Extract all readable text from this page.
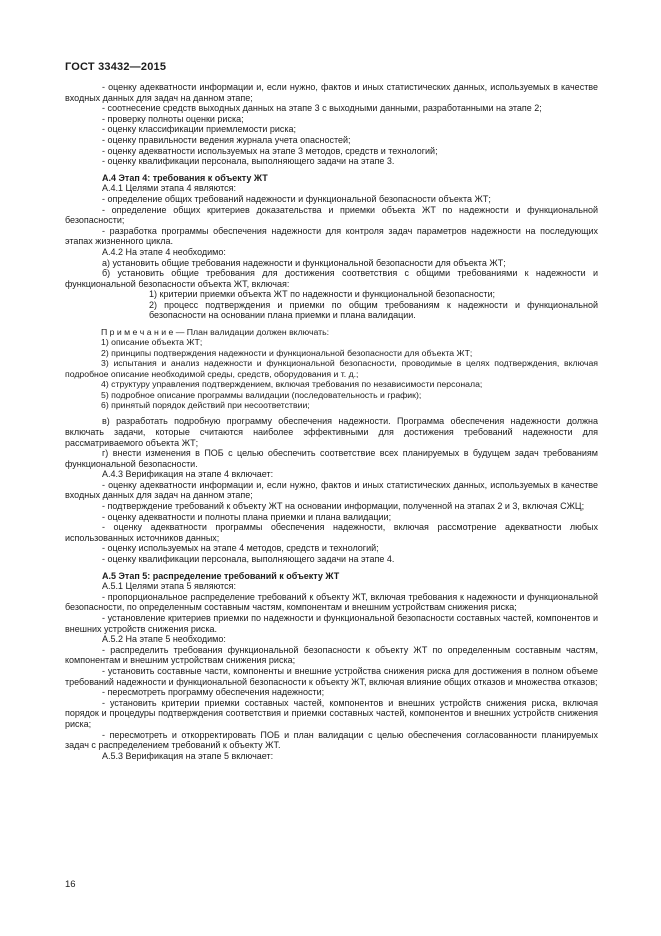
ГОСТ 33432—2015

- оценку адекватности информации и, если нужно, фактов и иных статистических данных, используемых в качестве входных данных для задач на данном этапе;

- соотнесение средств выходных данных на этапе 3 с выходными данными, разработанными на этапе 2;

- проверку полноты оценки риска;

- оценку классификации приемлемости риска;

- оценку правильности ведения журнала учета опасностей;

- оценку адекватности используемых на этапе 3 методов, средств и технологий;

- оценку квалификации персонала, выполняющего задачи на этапе 3.

А.4 Этап 4: требования к объекту ЖТ

А.4.1 Целями этапа 4 являются:

- определение общих требований надежности и функциональной безопасности объекта ЖТ;

- определение общих критериев доказательства и приемки объекта ЖТ по надежности и функциональной безопасности;

- разработка программы обеспечения надежности для контроля задач параметров надежности на последующих этапах жизненного цикла.

А.4.2 На этапе 4 необходимо:

а) установить общие требования надежности и функциональной безопасности для объекта ЖТ;

б) установить общие требования для достижения соответствия с общими требованиями к надежности и функциональной безопасности объекта ЖТ, включая:

1) критерии приемки объекта ЖТ по надежности и функциональной безопасности;

2) процесс подтверждения и приемки по общим требованиям к надежности и функциональной безопасности на основании плана приемки и плана валидации.

П р и м е ч а н и е — План валидации должен включать:

1) описание объекта ЖТ;

2) принципы подтверждения надежности и функциональной безопасности для объекта ЖТ;

3) испытания и анализ надежности и функциональной безопасности, проводимые в целях подтверждения, включая подробное описание необходимой среды, средств, оборудования и т. д.;

4) структуру управления подтверждением, включая требования по независимости персонала;

5) подробное описание программы валидации (последовательность и график);

6) принятый порядок действий при несоответствии;

в) разработать подробную программу обеспечения надежности. Программа обеспечения надежности должна включать задачи, которые считаются наиболее эффективными для достижения требований надежности для рассматриваемого объекта ЖТ;

г) внести изменения в ПОБ с целью обеспечить соответствие всех планируемых в будущем задач требованиям функциональной безопасности.

А.4.3 Верификация на этапе 4 включает:

- оценку адекватности информации и, если нужно, фактов и иных статистических данных, используемых в качестве входных данных для задач на данном этапе;

- подтверждение требований к объекту ЖТ на основании информации, полученной на этапах 2 и 3, включая СЖЦ;

- оценку адекватности и полноты плана приемки и плана валидации;

- оценку адекватности программы обеспечения надежности, включая рассмотрение адекватности любых использованных источников данных;

- оценку используемых на этапе 4 методов, средств и технологий;

- оценку квалификации персонала, выполняющего задачи на этапе 4.

А.5 Этап 5: распределение требований к объекту ЖТ

А.5.1 Целями этапа 5 являются:

- пропорциональное распределение требований к объекту ЖТ, включая требования к надежности и функциональной безопасности, по определенным составным частям, компонентам и внешним устройствам снижения риска;

- установление критериев приемки по надежности и функциональной безопасности составных частей, компонентов и внешних устройств снижения риска.

А.5.2 На этапе 5 необходимо:

- распределить требования функциональной безопасности к объекту ЖТ по определенным составным частям, компонентам и внешним устройствам снижения риска;

- установить составные части, компоненты и внешние устройства снижения риска для достижения в полном объеме требований надежности и функциональной безопасности к объекту ЖТ, включая влияние общих отказов и множества отказов;

- пересмотреть программу обеспечения надежности;

- установить критерии приемки составных частей, компонентов и внешних устройств снижения риска, включая порядок и процедуры подтверждения соответствия и приемки составных частей, компонентов и внешних устройств снижения риска;

- пересмотреть и откорректировать ПОБ и план валидации с целью обеспечения согласованности планируемых задач с распределением требований к объекту ЖТ.

А.5.3 Верификация на этапе 5 включает:

16
